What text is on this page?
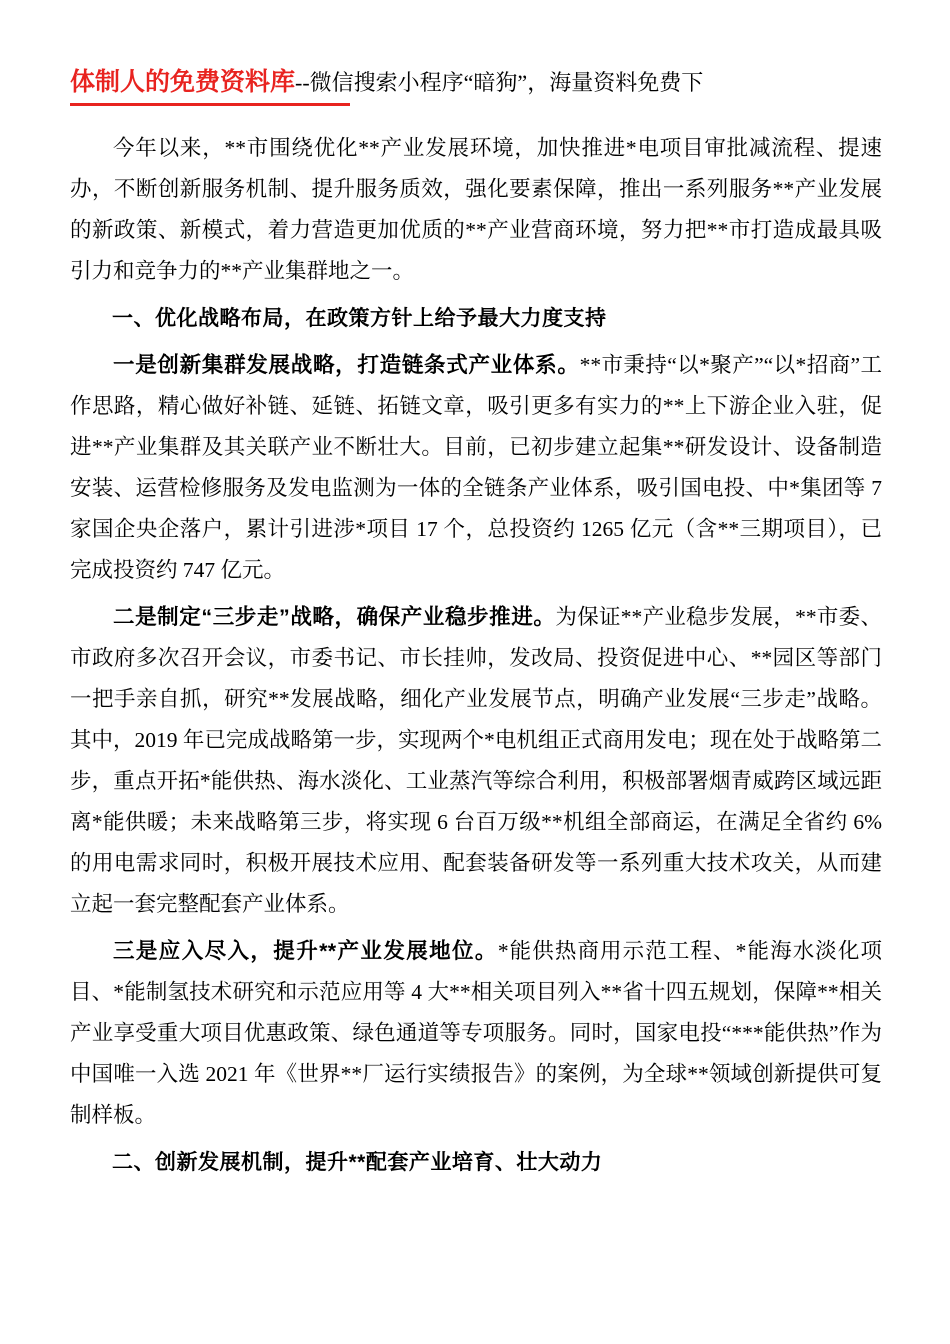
体制人的免费资料库--微信搜索小程序“暗狗”，海量资料免费下

今年以来，**市围绕优化**产业发展环境，加快推进*电项目审批减流程、提速办，不断创新服务机制、提升服务质效，强化要素保障，推出一系列服务**产业发展的新政策、新模式，着力营造更加优质的**产业营商环境，努力把**市打造成最具吸引力和竞争力的**产业集群地之一。

一、优化战略布局，在政策方针上给予最大力度支持

一是创新集群发展战略，打造链条式产业体系。**市秉持“以*聚产”“以*招商”工作思路，精心做好补链、延链、拓链文章，吸引更多有实力的**上下游企业入驻，促进**产业集群及其关联产业不断壮大。目前，已初步建立起集**研发设计、设备制造安装、运营检修服务及发电监测为一体的全链条产业体系，吸引国电投、中*集团等 7 家国企央企落户，累计引进涉*项目 17 个，总投资约 1265 亿元（含**三期项目），已完成投资约 747 亿元。

二是制定“三步走”战略，确保产业稳步推进。为保证**产业稳步发展，**市委、市政府多次召开会议，市委书记、市长挂帅，发改局、投资促进中心、**园区等部门一把手亲自抓，研究**发展战略，细化产业发展节点，明确产业发展“三步走”战略。其中，2019 年已完成战略第一步，实现两个*电机组正式商用发电；现在处于战略第二步，重点开拓*能供热、海水淡化、工业蒸汽等综合利用，积极部署烟青威跨区域远距离*能供暖；未来战略第三步，将实现 6 台百万级**机组全部商运，在满足全省约 6%的用电需求同时，积极开展技术应用、配套装备研发等一系列重大技术攻关，从而建立起一套完整配套产业体系。

三是应入尽入，提升**产业发展地位。*能供热商用示范工程、*能海水淡化项目、*能制氢技术研究和示范应用等 4 大**相关项目列入**省十四五规划，保障**相关产业享受重大项目优惠政策、绿色通道等专项服务。同时，国家电投“***能供热”作为中国唯一入选 2021 年《世界**厂运行实绩报告》的案例，为全球**领域创新提供可复制样板。

二、创新发展机制，提升**配套产业培育、壮大动力
